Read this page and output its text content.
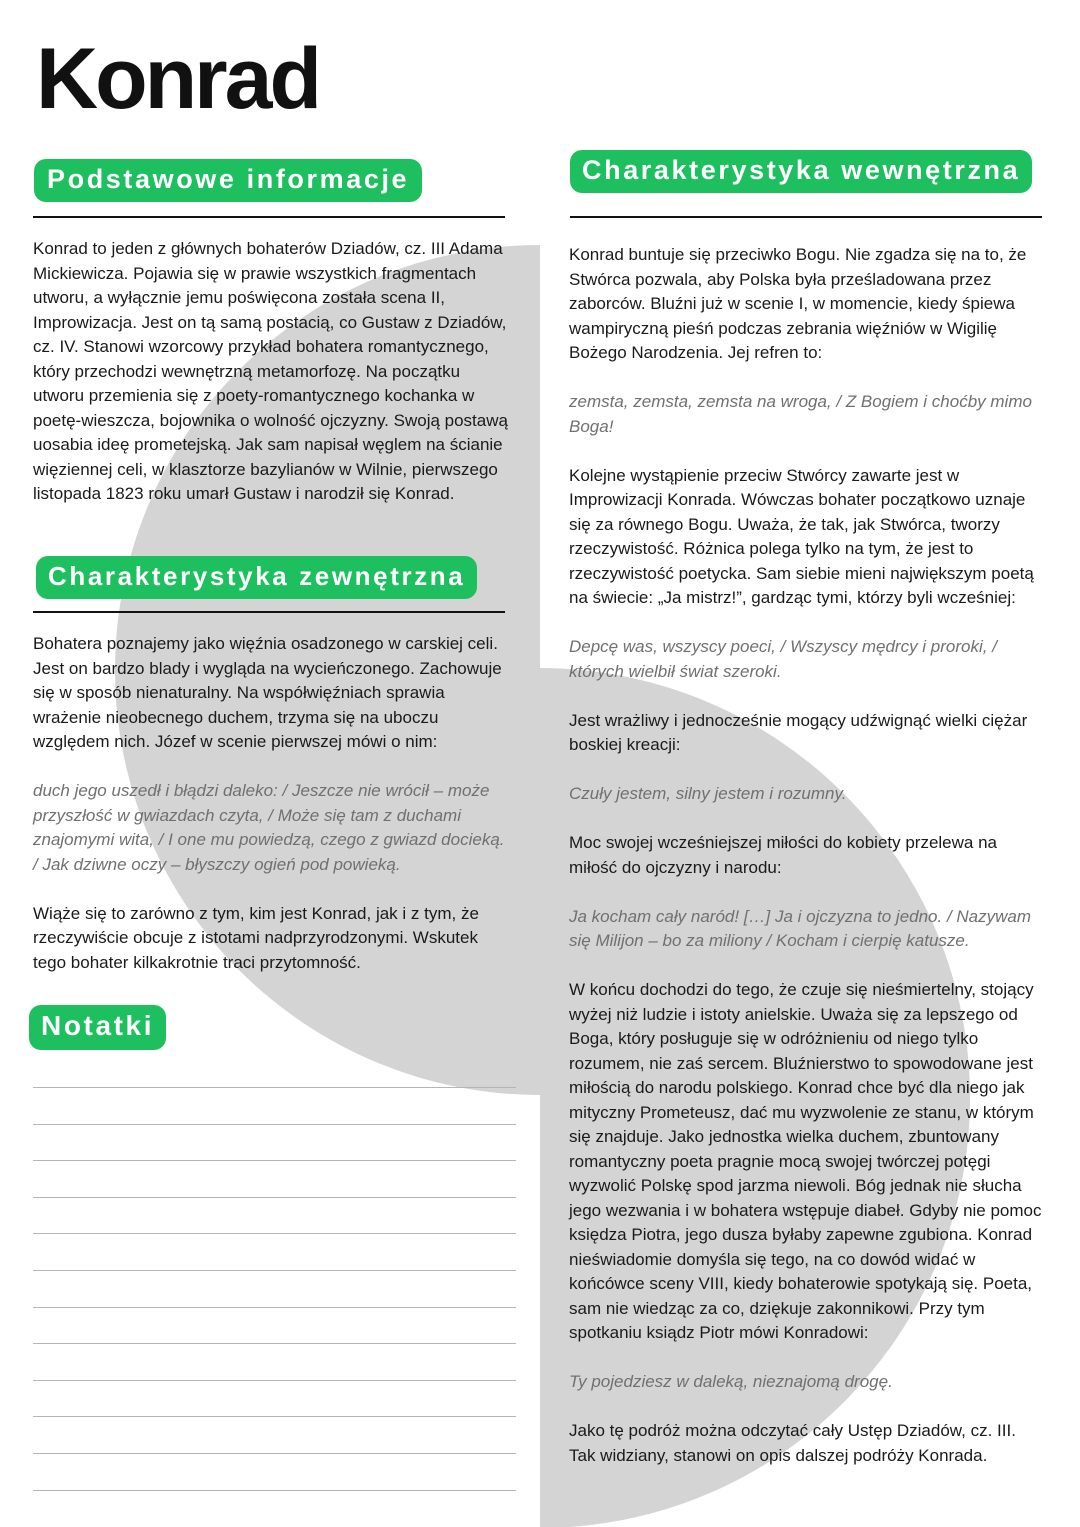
Konrad
Podstawowe informacje

Konrad to jeden z głównych bohaterów Dziadów, cz. III Adama Mickiewicza. Pojawia się w prawie wszystkich fragmentach utworu, a wyłącznie jemu poświęcona została scena II, Improwizacja. Jest on tą samą postacią, co Gustaw z Dziadów, cz. IV. Stanowi wzorcowy przykład bohatera romantycznego, który przechodzi wewnętrzną metamorfozę. Na początku utworu przemienia się z poety-romantycznego kochanka w poetę-wieszcza, bojownika o wolność ojczyzny. Swoją postawą uosabia ideę prometejską. Jak sam napisał węglem na ścianie więziennej celi, w klasztorze bazylianów w Wilnie, pierwszego listopada 1823 roku umarł Gustaw i narodził się Konrad.

Charakterystyka zewnętrzna

Bohatera poznajemy jako więźnia osadzonego w carskiej celi. Jest on bardzo blady i wygląda na wycieńczonego. Zachowuje się w sposób nienaturalny. Na współwięźniach sprawia wrażenie nieobecnego duchem, trzyma się na uboczu względem nich. Józef w scenie pierwszej mówi o nim:

duch jego uszedł i błądzi daleko: / Jeszcze nie wrócił – może przyszłość w gwiazdach czyta, / Może się tam z duchami znajomymi wita, / I one mu powiedzą, czego z gwiazd docieką. / Jak dziwne oczy – błyszczy ogień pod powieką.

Wiąże się to zarówno z tym, kim jest Konrad, jak i z tym, że rzeczywiście obcuje z istotami nadprzyrodzonymi. Wskutek tego bohater kilkakrotnie traci przytomność.

Notatki
Charakterystyka wewnętrzna

Konrad buntuje się przeciwko Bogu. Nie zgadza się na to, że Stwórca pozwala, aby Polska była prześladowana przez zaborców. Bluźni już w scenie I, w momencie, kiedy śpiewa wampiryczną pieśń podczas zebrania więźniów w Wigilię Bożego Narodzenia. Jej refren to:

zemsta, zemsta, zemsta na wroga, / Z Bogiem i choćby mimo Boga!

Kolejne wystąpienie przeciw Stwórcy zawarte jest w Improwizacji Konrada. Wówczas bohater początkowo uznaje się za równego Bogu. Uważa, że tak, jak Stwórca, tworzy rzeczywistość. Różnica polega tylko na tym, że jest to rzeczywistość poetycka. Sam siebie mieni największym poetą na świecie: „Ja mistrz!”, gardząc tymi, którzy byli wcześniej:

Depcę was, wszyscy poeci, / Wszyscy mędrcy i proroki, / których wielbił świat szeroki.

Jest wrażliwy i jednocześnie mogący udźwignąć wielki ciężar boskiej kreacji:

Czuły jestem, silny jestem i rozumny.

Moc swojej wcześniejszej miłości do kobiety przelewa na miłość do ojczyzny i narodu:

Ja kocham cały naród! […] Ja i ojczyzna to jedno. / Nazywam się Milijon – bo za miliony / Kocham i cierpię katusze.

W końcu dochodzi do tego, że czuje się nieśmiertelny, stojący wyżej niż ludzie i istoty anielskie. Uważa się za lepszego od Boga, który posługuje się w odróżnieniu od niego tylko rozumem, nie zaś sercem. Bluźnierstwo to spowodowane jest miłością do narodu polskiego. Konrad chce być dla niego jak mityczny Prometeusz, dać mu wyzwolenie ze stanu, w którym się znajduje. Jako jednostka wielka duchem, zbuntowany romantyczny poeta pragnie mocą swojej twórczej potęgi wyzwolić Polskę spod jarzma niewoli. Bóg jednak nie słucha jego wezwania i w bohatera wstępuje diabeł. Gdyby nie pomoc księdza Piotra, jego dusza byłaby zapewne zgubiona. Konrad nieświadomie domyśla się tego, na co dowód widać w końcówce sceny VIII, kiedy bohaterowie spotykają się. Poeta, sam nie wiedząc za co, dziękuje zakonnikowi. Przy tym spotkaniu ksiądz Piotr mówi Konradowi:

Ty pojedziesz w daleką, nieznajomą drogę.

Jako tę podróż można odczytać cały Ustęp Dziadów, cz. III. Tak widziany, stanowi on opis dalszej podróży Konrada.
